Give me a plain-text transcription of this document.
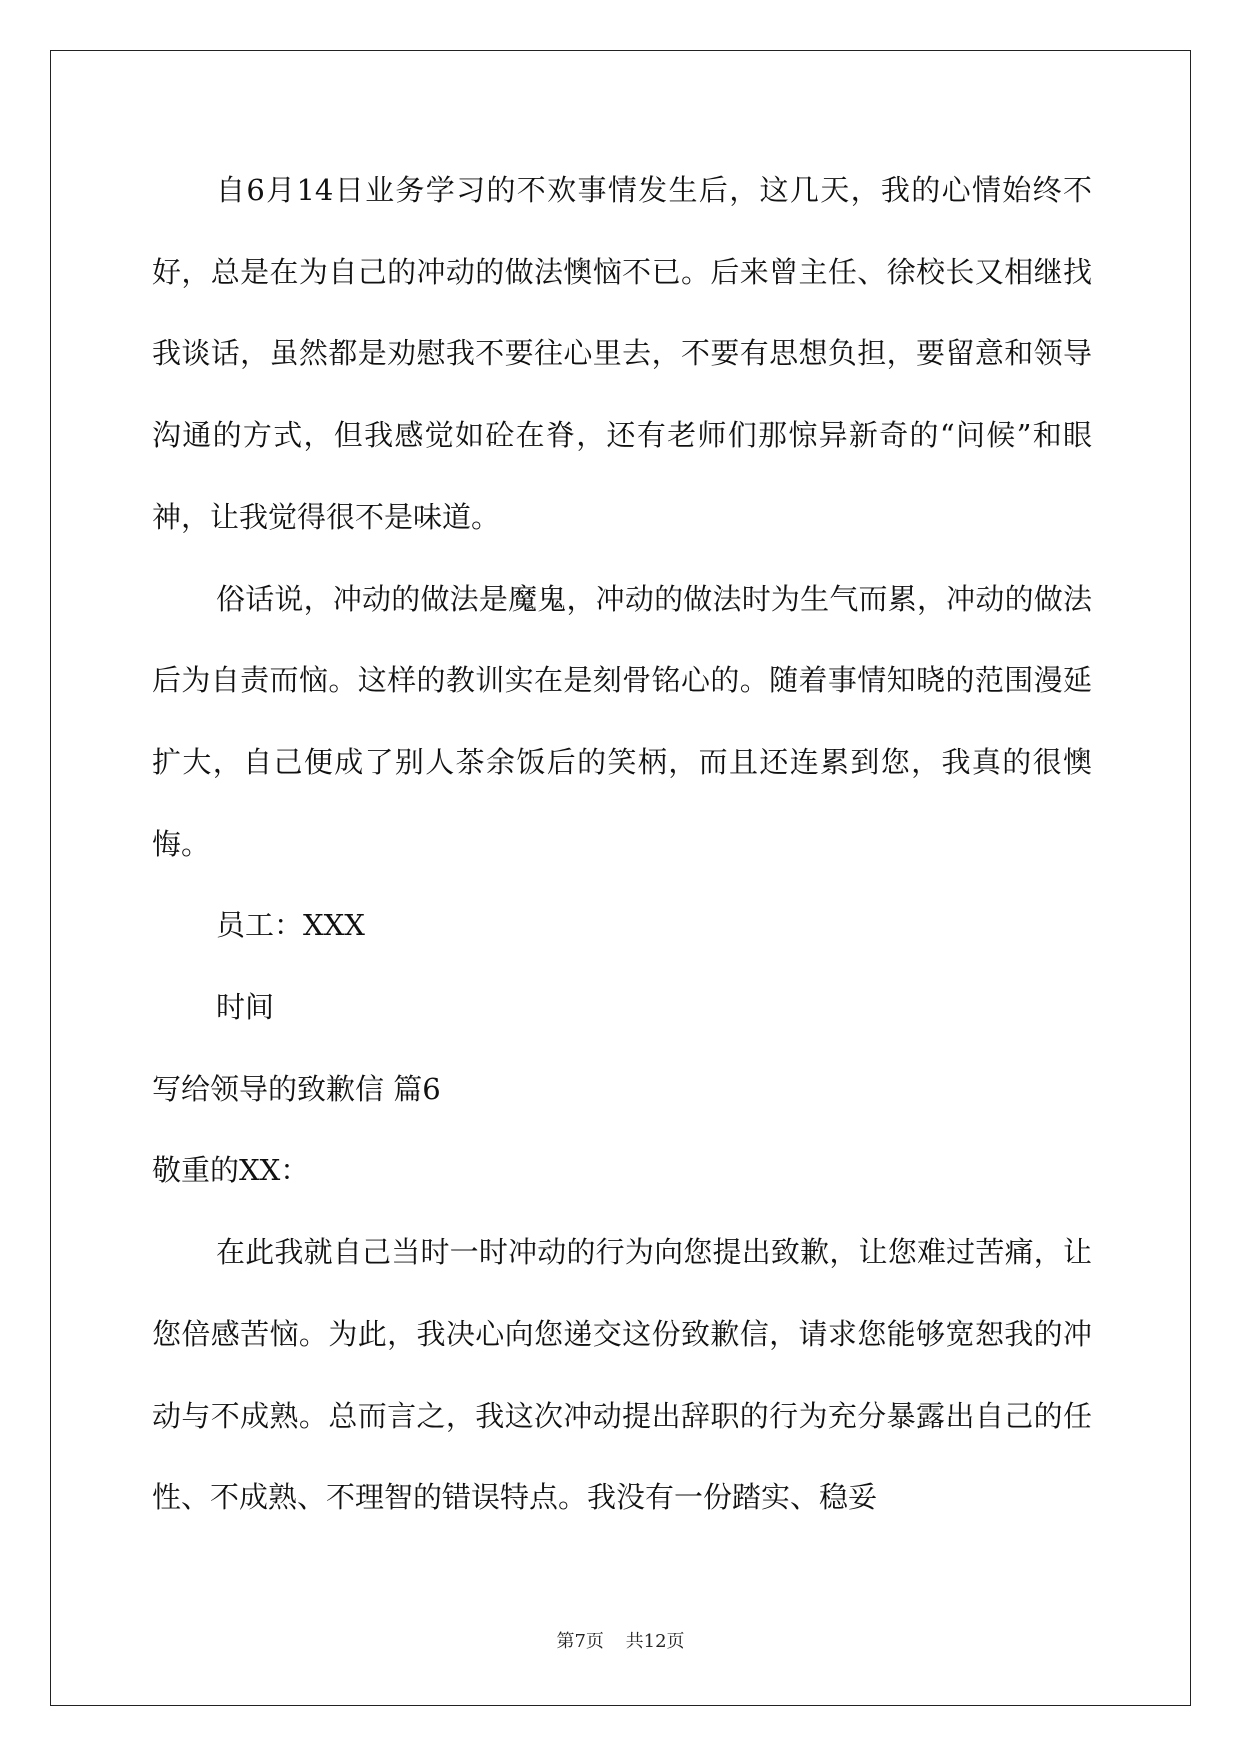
自6月14日业务学习的不欢事情发生后，这几天，我的心情始终不好，总是在为自己的冲动的做法懊恼不已。后来曾主任、徐校长又相继找我谈话，虽然都是劝慰我不要往心里去，不要有思想负担，要留意和领导沟通的方式，但我感觉如砼在脊，还有老师们那惊异新奇的“问候”和眼神，让我觉得很不是味道。

俗话说，冲动的做法是魔鬼，冲动的做法时为生气而累，冲动的做法后为自责而恼。这样的教训实在是刻骨铭心的。随着事情知晓的范围漫延扩大，自己便成了别人茶余饭后的笑柄，而且还连累到您，我真的很懊悔。

员工：XXX

时间

写给领导的致歉信 篇6

敬重的XX：

在此我就自己当时一时冲动的行为向您提出致歉，让您难过苦痛，让您倍感苦恼。为此，我决心向您递交这份致歉信，请求您能够宽恕我的冲动与不成熟。总而言之，我这次冲动提出辞职的行为充分暴露出自己的任性、不成熟、不理智的错误特点。我没有一份踏实、稳妥

第7页 共12页
